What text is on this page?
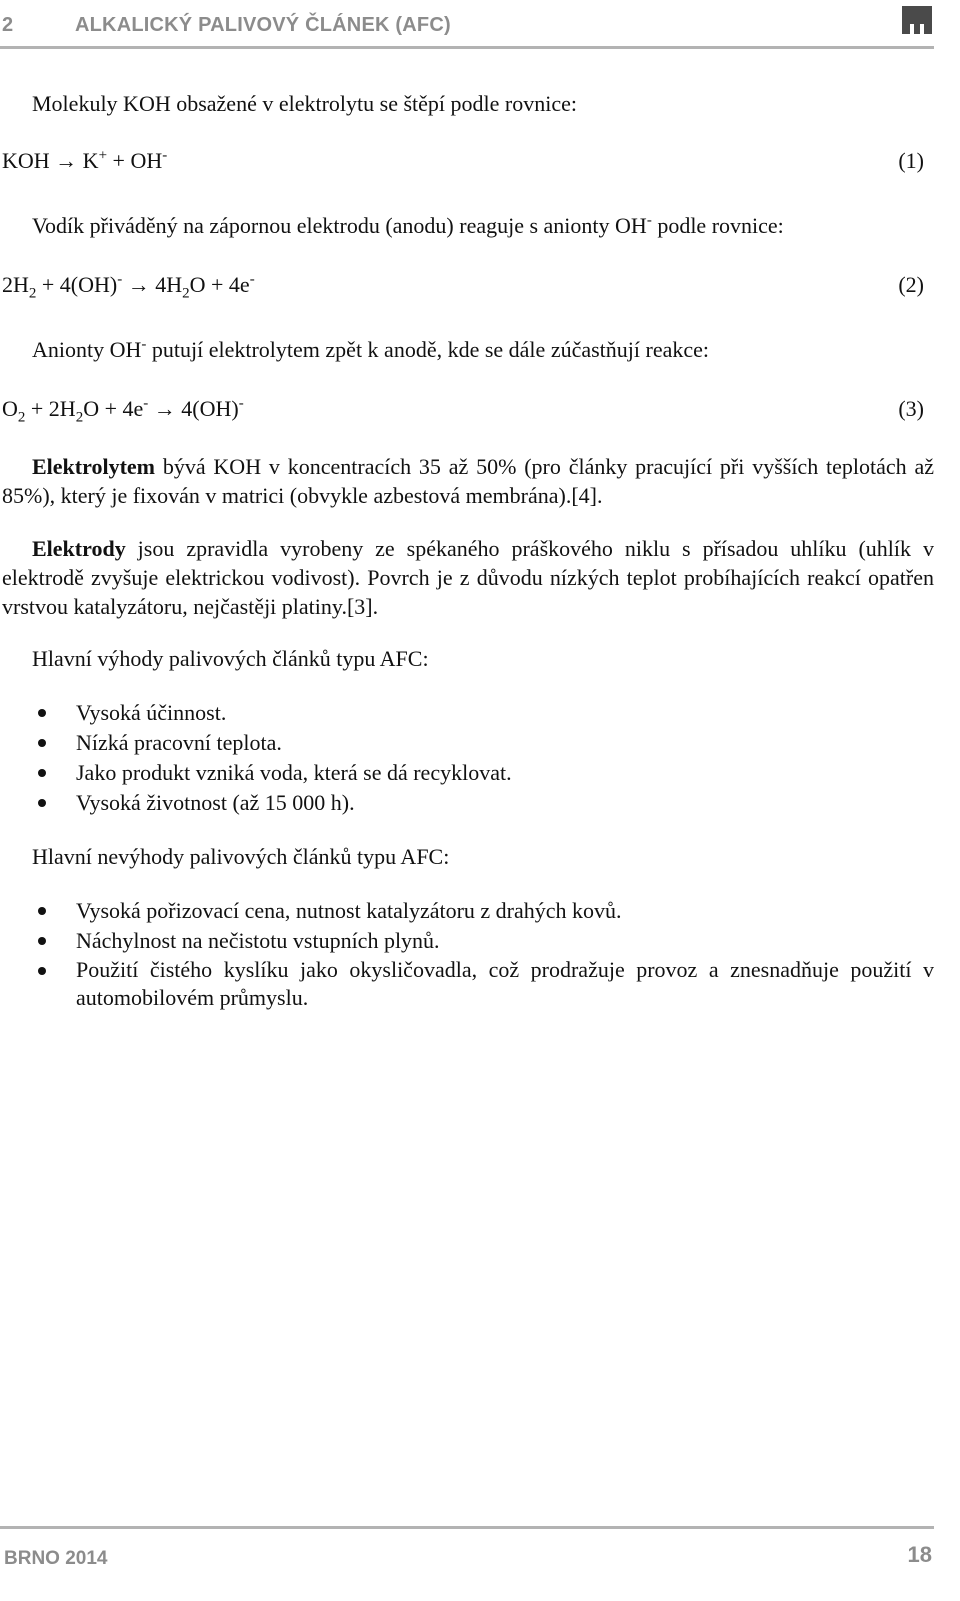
2	ALKALICKÝ PALIVOVÝ ČLÁNEK (AFC)

Molekuly KOH obsažené v elektrolytu se štěpí podle rovnice:

KOH → K+ + OH-	(1)

Vodík přiváděný na zápornou elektrodu (anodu) reaguje s anionty OH- podle rovnice:

$2H_2 + 4(OH)^- \to 4H_2O + 4e^-$	(2)

Anionty OH- putují elektrolytem zpět k anodě, kde se dále zúčastňují reakce:

$O_2 + 2H_2O + 4e^- \to 4(OH)^-$	(3)

Elektrolytem bývá KOH v koncentracích 35 až 50% (pro články pracující při vyšších teplotách až 85%), který je fixován v matrici (obvykle azbestová membrána).[4].

Elektrody jsou zpravidla vyrobeny ze spékaného práškového niklu s přísadou uhlíku (uhlík v elektrodě zvyšuje elektrickou vodivost). Povrch je z důvodu nízkých teplot probíhajících reakcí opatřen vrstvou katalyzátoru, nejčastěji platiny.[3].

Hlavní výhody palivových článků typu AFC:

Vysoká účinnost.
Nízká pracovní teplota.
Jako produkt vzniká voda, která se dá recyklovat.
Vysoká životnost (až 15 000 h).

Hlavní nevýhody palivových článků typu AFC:

Vysoká pořizovací cena, nutnost katalyzátoru z drahých kovů.
Náchylnost na nečistotu vstupních plynů.
Použití čistého kyslíku jako okysličovadla, což prodražuje provoz a znesnadňuje použití v automobilovém průmyslu.
BRNO 2014	18
